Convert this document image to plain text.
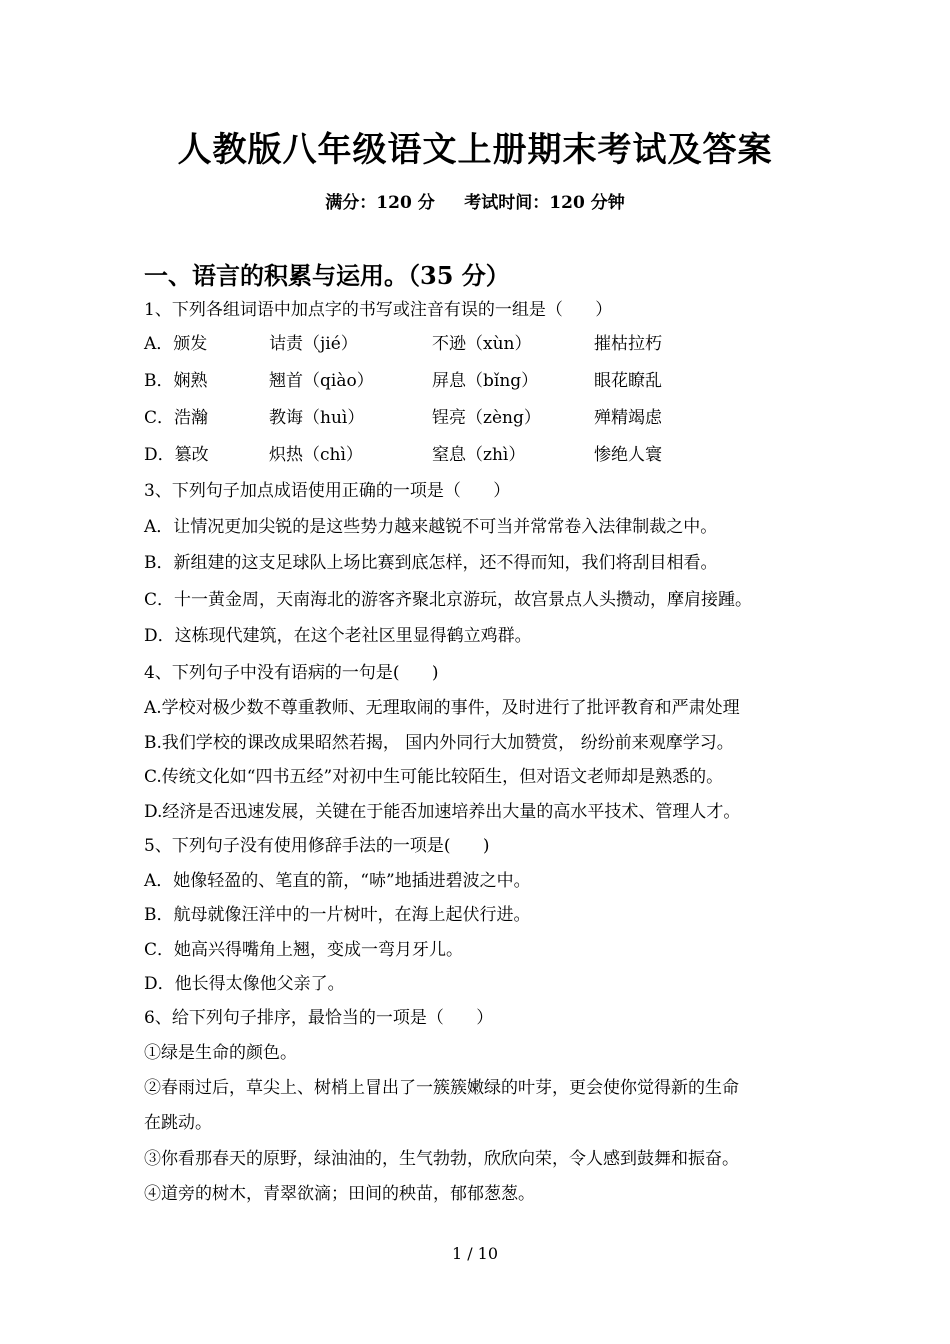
人教版八年级语文上册期末考试及答案
满分：120 分     考试时间：120 分钟
一、语言的积累与运用。（35 分）
1、下列各组词语中加点字的书写或注音有误的一组是（      ）
A．颁发	诘责（jié）	不逊（xùn）	摧枯拉朽
B．娴熟	翘首（qiào）	屏息（bǐng）	眼花瞭乱
C．浩瀚	教诲（huì）	锃亮（zèng）	殚精竭虑
D．篡改	炽热（chì）	窒息（zhì）	惨绝人寰
3、下列句子加点成语使用正确的一项是（      ）
A．让情况更加尖锐的是这些势力越来越锐不可当并常常卷入法律制裁之中。
B．新组建的这支足球队上场比赛到底怎样，还不得而知，我们将刮目相看。
C．十一黄金周，天南海北的游客齐聚北京游玩，故宫景点人头攒动，摩肩接踵。
D．这栋现代建筑，在这个老社区里显得鹤立鸡群。
4、下列句子中没有语病的一句是(      )
A.学校对极少数不尊重教师、无理取闹的事件，及时进行了批评教育和严肃处理
B.我们学校的课改成果昭然若揭， 国内外同行大加赞赏， 纷纷前来观摩学习。
C.传统文化如“四书五经”对初中生可能比较陌生，但对语文老师却是熟悉的。
D.经济是否迅速发展，关键在于能否加速培养出大量的高水平技术、管理人才。
5、下列句子没有使用修辞手法的一项是(      )
A．她像轻盈的、笔直的箭，“哧”地插进碧波之中。
B．航母就像汪洋中的一片树叶，在海上起伏行进。
C．她高兴得嘴角上翘，变成一弯月牙儿。
D．他长得太像他父亲了。
6、给下列句子排序，最恰当的一项是（      ）
①绿是生命的颜色。
②春雨过后，草尖上、树梢上冒出了一簇簇嫩绿的叶芽，更会使你觉得新的生命
在跳动。
③你看那春天的原野，绿油油的，生气勃勃，欣欣向荣，令人感到鼓舞和振奋。
④道旁的树木，青翠欲滴；田间的秧苗，郁郁葱葱。
1 / 10
